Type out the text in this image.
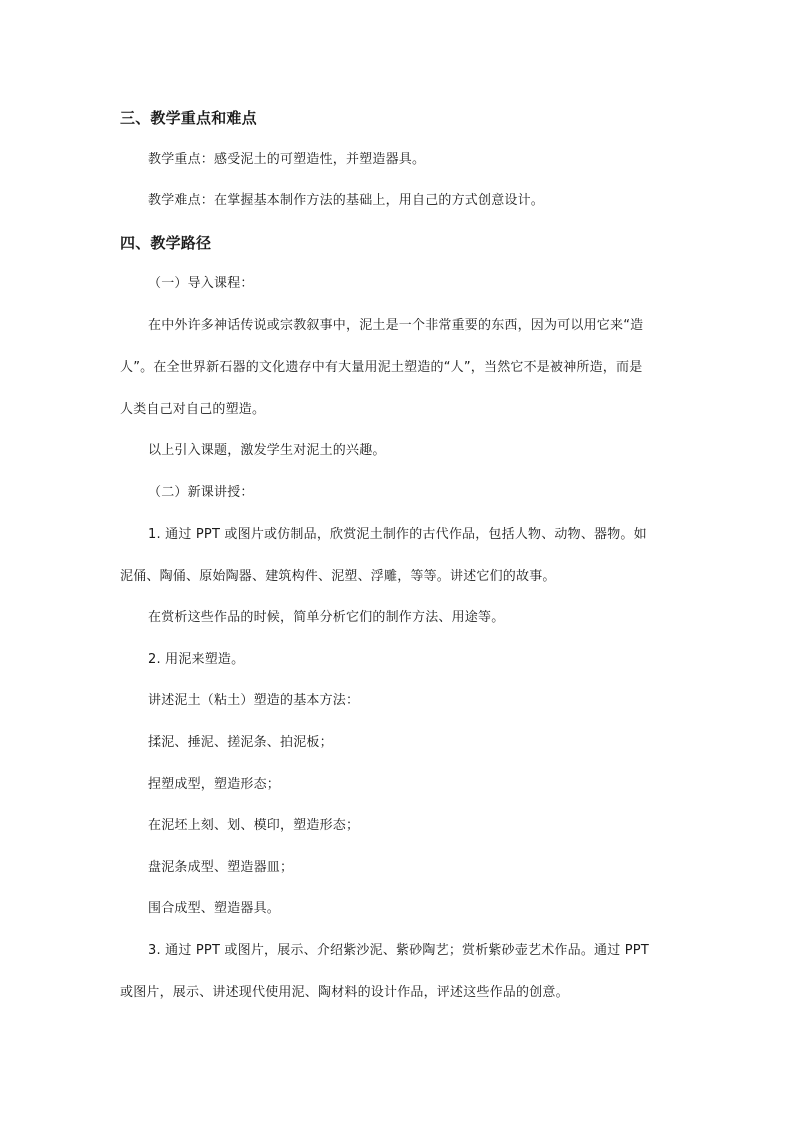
三、教学重点和难点
教学重点：感受泥土的可塑造性，并塑造器具。
教学难点：在掌握基本制作方法的基础上，用自己的方式创意设计。
四、教学路径
（一）导入课程：
在中外许多神话传说或宗教叙事中，泥土是一个非常重要的东西，因为可以用它来“造
人”。在全世界新石器的文化遗存中有大量用泥土塑造的“人”，当然它不是被神所造，而是
人类自己对自己的塑造。
以上引入课题，激发学生对泥土的兴趣。
（二）新课讲授：
1. 通过 PPT 或图片或仿制品，欣赏泥土制作的古代作品，包括人物、动物、器物。如
泥俑、陶俑、原始陶器、建筑构件、泥塑、浮雕，等等。讲述它们的故事。
在赏析这些作品的时候，简单分析它们的制作方法、用途等。
2. 用泥来塑造。
讲述泥土（粘土）塑造的基本方法：
揉泥、捶泥、搓泥条、拍泥板；
捏塑成型，塑造形态；
在泥坯上刻、划、模印，塑造形态；
盘泥条成型、塑造器皿；
围合成型、塑造器具。
3. 通过 PPT 或图片，展示、介绍紫沙泥、紫砂陶艺；赏析紫砂壶艺术作品。通过 PPT
或图片，展示、讲述现代使用泥、陶材料的设计作品，评述这些作品的创意。
